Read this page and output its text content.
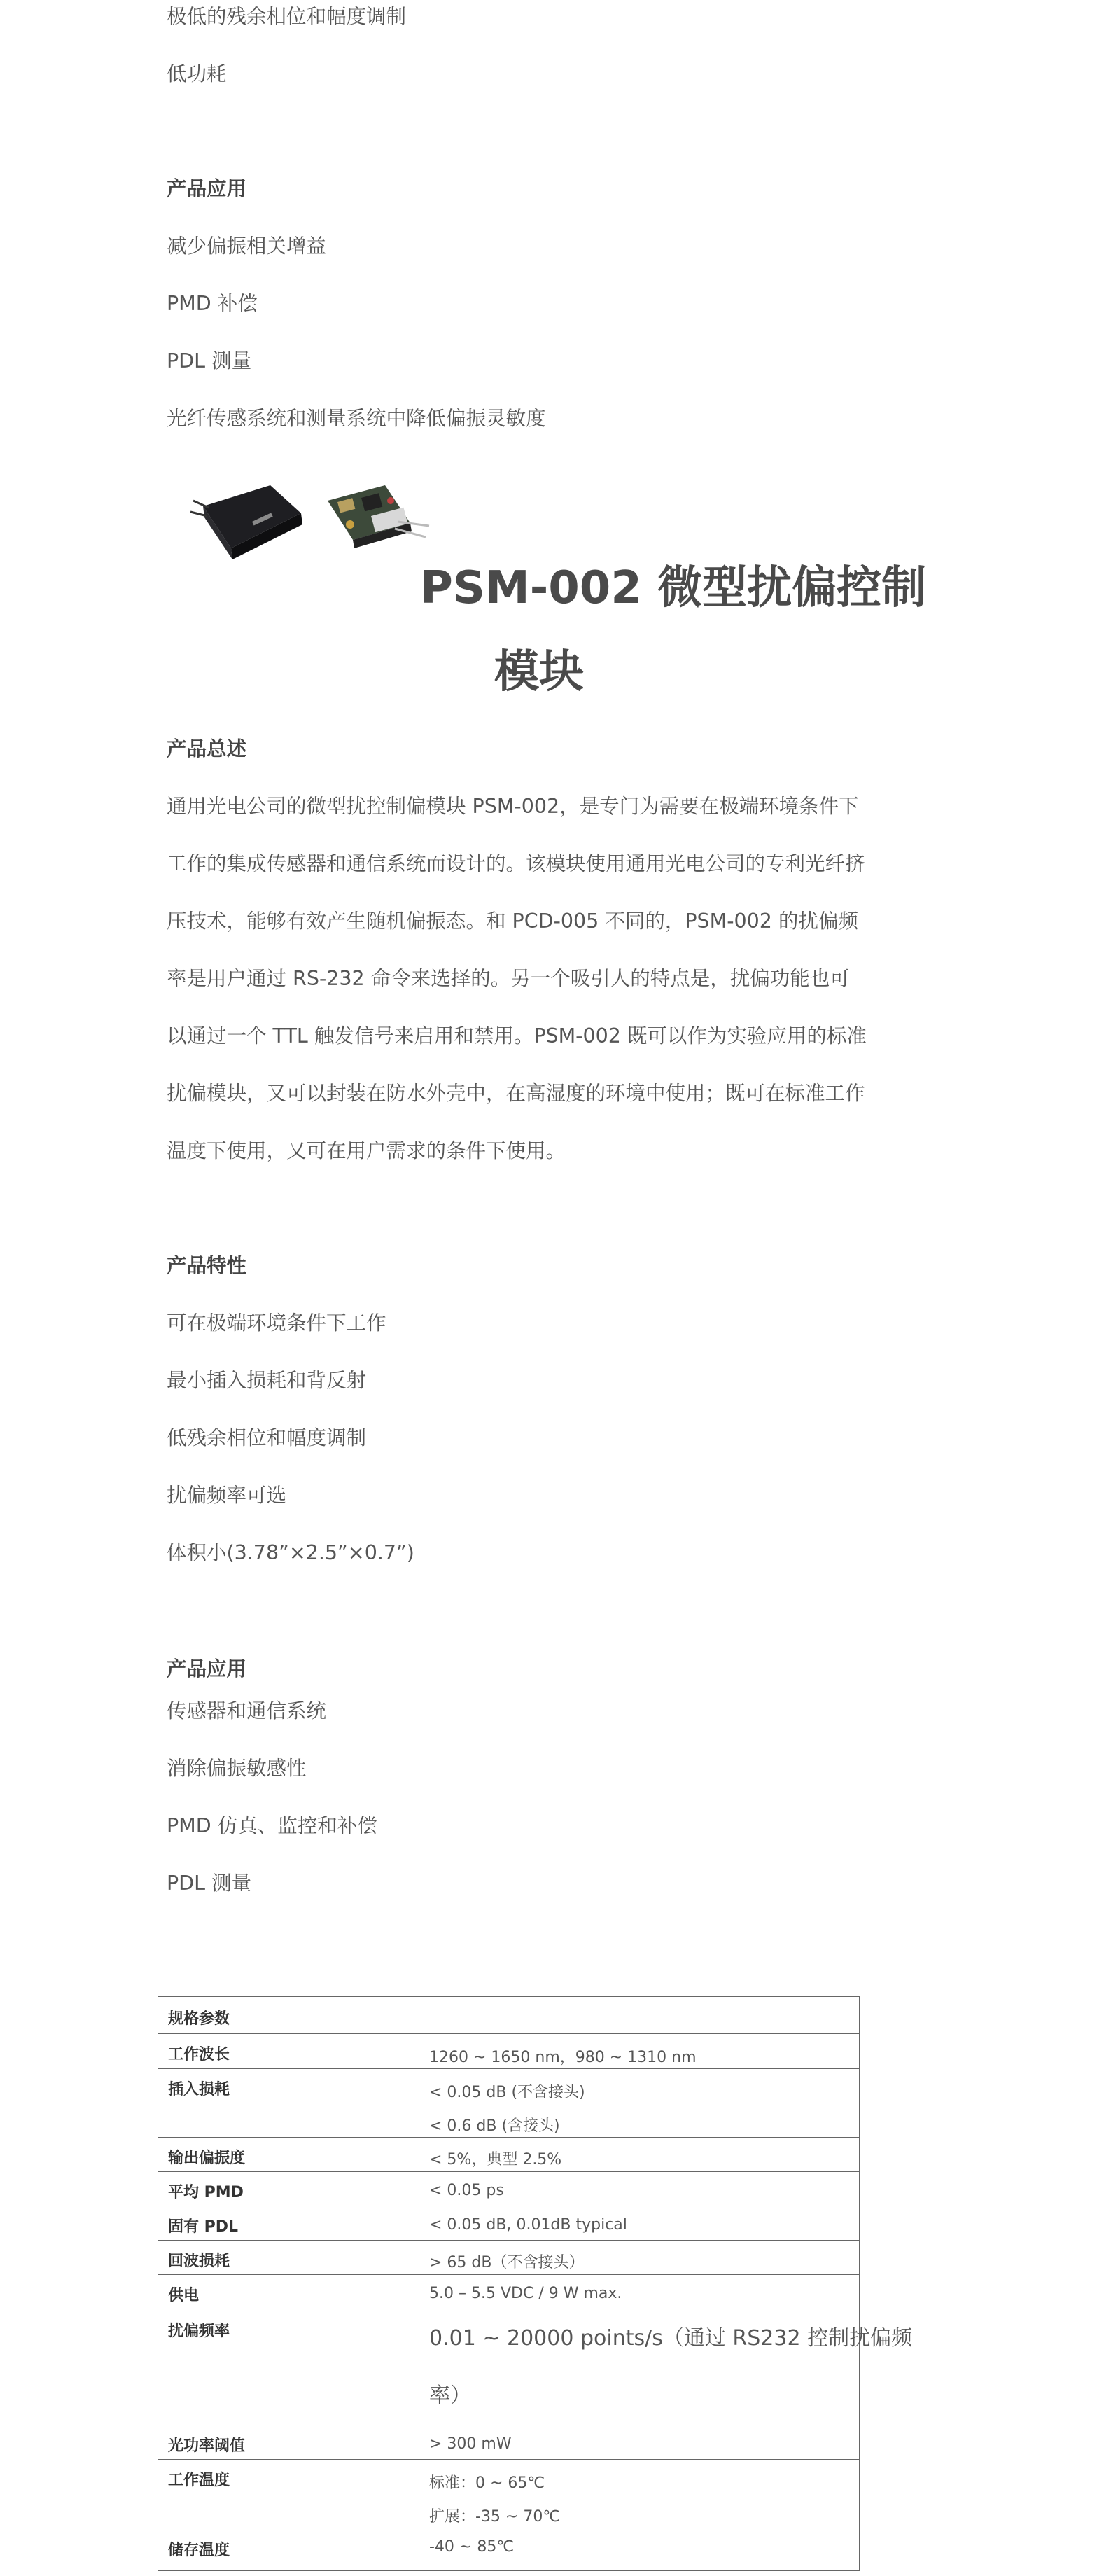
极低的残余相位和幅度调制
低功耗
产品应用
减少偏振相关增益
PMD 补偿
PDL 测量
光纤传感系统和测量系统中降低偏振灵敏度
PSM-002 微型扰偏控制
模块
产品总述
通用光电公司的微型扰控制偏模块 PSM-002，是专门为需要在极端环境条件下
工作的集成传感器和通信系统而设计的。该模块使用通用光电公司的专利光纤挤
压技术，能够有效产生随机偏振态。和 PCD-005 不同的，PSM-002 的扰偏频
率是用户通过 RS-232 命令来选择的。另一个吸引人的特点是，扰偏功能也可
以通过一个 TTL 触发信号来启用和禁用。PSM-002 既可以作为实验应用的标准
扰偏模块，又可以封装在防水外壳中，在高湿度的环境中使用；既可在标准工作
温度下使用，又可在用户需求的条件下使用。
产品特性
可在极端环境条件下工作
最小插入损耗和背反射
低残余相位和幅度调制
扰偏频率可选
体积小(3.78”×2.5”×0.7”)
产品应用
传感器和通信系统
消除偏振敏感性
PMD 仿真、监控和补偿
PDL 测量
规格参数
工作波长	1260 ~ 1650 nm，980 ~ 1310 nm
插入损耗	< 0.05 dB (不含接头)
< 0.6 dB (含接头)
输出偏振度	< 5%，典型 2.5%
平均 PMD	< 0.05 ps
固有 PDL	< 0.05 dB, 0.01dB typical
回波损耗	> 65 dB（不含接头）
供电	5.0 – 5.5 VDC / 9 W max.
扰偏频率	0.01 ~ 20000 points/s（通过 RS232 控制扰偏频
率）
光功率阈值	> 300 mW
工作温度	标准：0 ~ 65℃
扩展：-35 ~ 70℃
储存温度	-40 ~ 85℃
